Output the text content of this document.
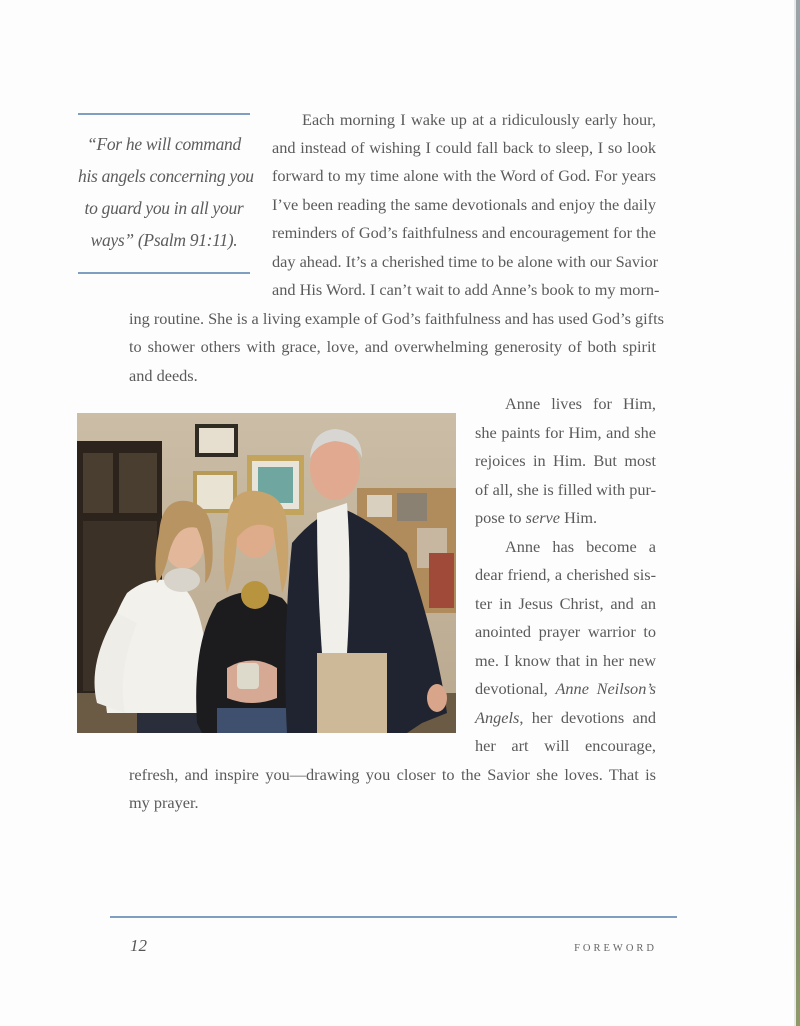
“For he will command
his angels concerning you
to guard you in all your
ways” (Psalm 91:11).
Each morning I wake up at a ridiculously early hour,
and instead of wishing I could fall back to sleep, I so look
forward to my time alone with the Word of God. For years
I’ve been reading the same devotionals and enjoy the daily
reminders of God’s faithfulness and encouragement for the
day ahead. It’s a cherished time to be alone with our Savior
and His Word. I can’t wait to add Anne’s book to my morn-
ing routine. She is a living example of God’s faithfulness and has used God’s gifts
to shower others with grace, love, and overwhelming generosity of both spirit
and deeds.
Anne lives for Him,
she paints for Him, and she
rejoices in Him. But most
of all, she is filled with pur-
pose to serve Him.
Anne has become a
dear friend, a cherished sis-
ter in Jesus Christ, and an
anointed prayer warrior to
me. I know that in her new
devotional, Anne Neilson’s
Angels, her devotions and
her art will encourage,
refresh, and inspire you—drawing you closer to the Savior she loves. That is
my prayer.
12	FOREWORD
